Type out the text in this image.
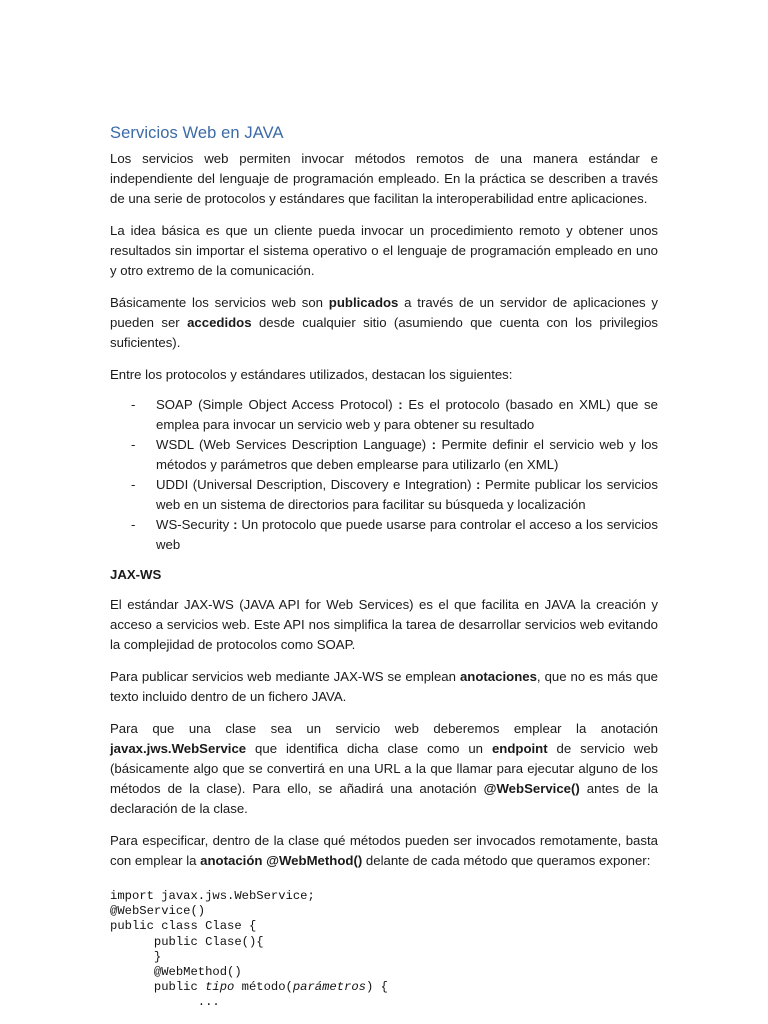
Servicios Web en JAVA

Los servicios web permiten invocar métodos remotos de una manera estándar e independiente del lenguaje de programación empleado. En la práctica se describen a través de una serie de protocolos y estándares que facilitan la interoperabilidad entre aplicaciones.

La idea básica es que un cliente pueda invocar un procedimiento remoto y obtener unos resultados sin importar el sistema operativo o el lenguaje de programación empleado en uno y otro extremo de la comunicación.

Básicamente los servicios web son publicados a través de un servidor de aplicaciones y pueden ser accedidos desde cualquier sitio (asumiendo que cuenta con los privilegios suficientes).

Entre los protocolos y estándares utilizados, destacan los siguientes:

- SOAP (Simple Object Access Protocol) : Es el protocolo (basado en XML) que se emplea para invocar un servicio web y para obtener su resultado
- WSDL (Web Services Description Language) : Permite definir el servicio web y los métodos y parámetros que deben emplearse para utilizarlo (en XML)
- UDDI (Universal Description, Discovery e Integration) : Permite publicar los servicios web en un sistema de directorios para facilitar su búsqueda y localización
- WS-Security : Un protocolo que puede usarse para controlar el acceso a los servicios web
JAX-WS

El estándar JAX-WS (JAVA API for Web Services) es el que facilita en JAVA la creación y acceso a servicios web. Este API nos simplifica la tarea de desarrollar servicios web evitando la complejidad de protocolos como SOAP.

Para publicar servicios web mediante JAX-WS se emplean anotaciones, que no es más que texto incluido dentro de un fichero JAVA.

Para que una clase sea un servicio web deberemos emplear la anotación javax.jws.WebService que identifica dicha clase como un endpoint de servicio web (básicamente algo que se convertirá en una URL a la que llamar para ejecutar alguno de los métodos de la clase). Para ello, se añadirá una anotación @WebService() antes de la declaración de la clase.

Para especificar, dentro de la clase qué métodos pueden ser invocados remotamente, basta con emplear la anotación @WebMethod() delante de cada método que queramos exponer:

import javax.jws.WebService;
@WebService()
public class Clase {
public Clase(){
}
@WebMethod()
public tipo método(parámetros) {
...
